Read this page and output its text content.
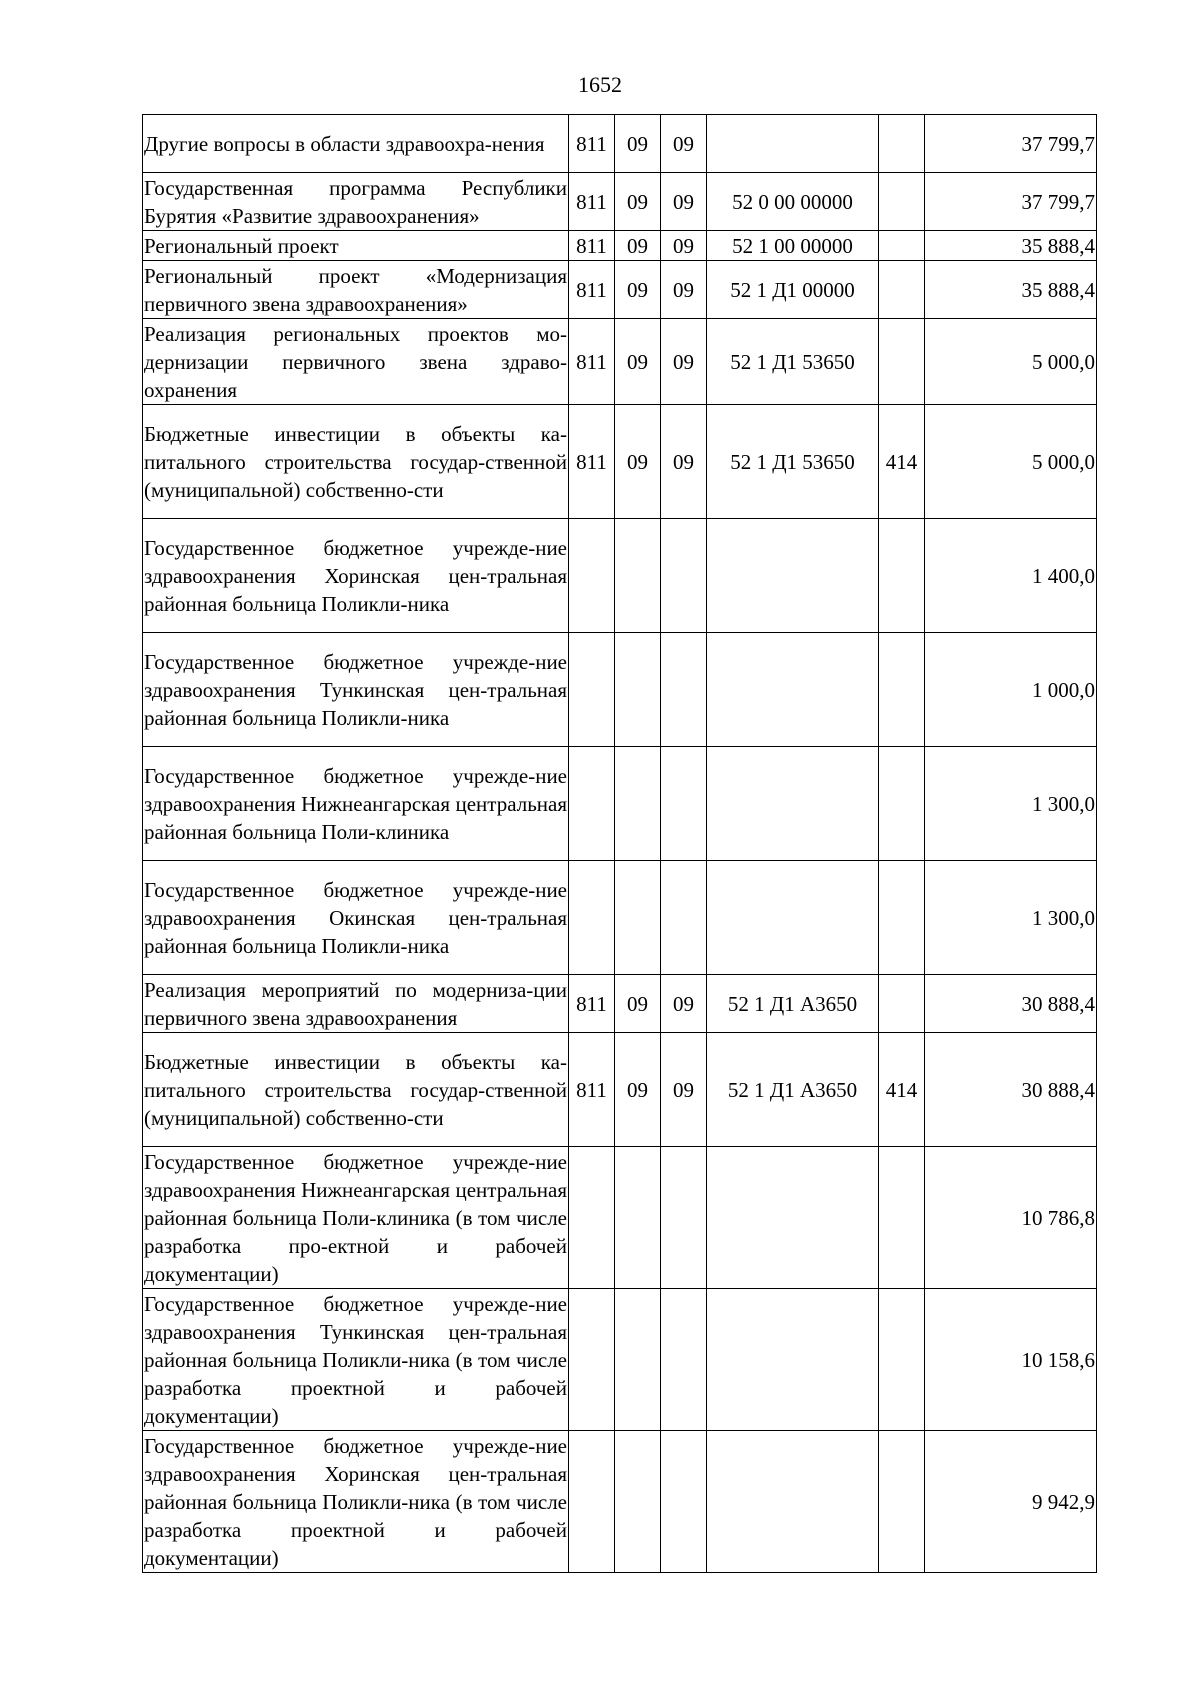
1652
Другие вопросы в области здравоохра-нения	811	09	09			37 799,7
Государственная программа Республики Бурятия «Развитие здравоохранения»	811	09	09	52 0 00 00000		37 799,7
Региональный проект	811	09	09	52 1 00 00000		35 888,4
Региональный проект «Модернизация первичного звена здравоохранения»	811	09	09	52 1 Д1 00000		35 888,4
Реализация региональных проектов мо-дернизации первичного звена здраво-охранения	811	09	09	52 1 Д1 53650		5 000,0
Бюджетные инвестиции в объекты ка-питального строительства государ-ственной (муниципальной) собственно-сти	811	09	09	52 1 Д1 53650	414	5 000,0
Государственное бюджетное учрежде-ние здравоохранения Хоринская цен-тральная районная больница Поликли-ника						1 400,0
Государственное бюджетное учрежде-ние здравоохранения Тункинская цен-тральная районная больница Поликли-ника						1 000,0
Государственное бюджетное учрежде-ние здравоохранения Нижнеангарская центральная районная больница Поли-клиника						1 300,0
Государственное бюджетное учрежде-ние здравоохранения Окинская цен-тральная районная больница Поликли-ника						1 300,0
Реализация мероприятий по модерниза-ции первичного звена здравоохранения	811	09	09	52 1 Д1 А3650		30 888,4
Бюджетные инвестиции в объекты ка-питального строительства государ-ственной (муниципальной) собственно-сти	811	09	09	52 1 Д1 А3650	414	30 888,4
Государственное бюджетное учрежде-ние здравоохранения Нижнеангарская центральная районная больница Поли-клиника (в том числе разработка про-ектной и рабочей документации)						10 786,8
Государственное бюджетное учрежде-ние здравоохранения Тункинская цен-тральная районная больница Поликли-ника (в том числе разработка проектной и рабочей документации)						10 158,6
Государственное бюджетное учрежде-ние здравоохранения Хоринская цен-тральная районная больница Поликли-ника (в том числе разработка проектной и рабочей документации)						9 942,9
